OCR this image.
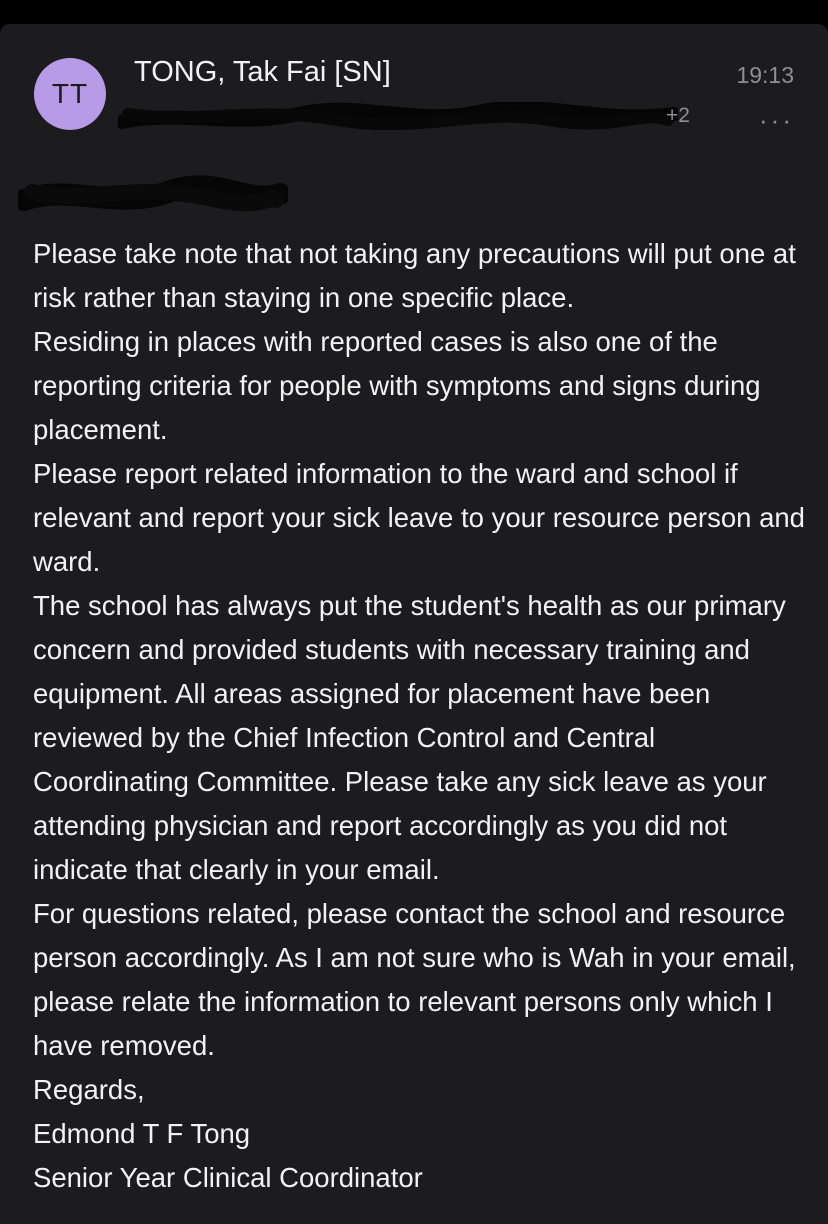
TT
TONG, Tak Fai [SN]	19:13
+2	···

Please take note that not taking any precautions will put one at risk rather than staying in one specific place.

Residing in places with reported cases is also one of the reporting criteria for people with symptoms and signs during placement.

Please report related information to the ward and school if relevant and report your sick leave to your resource person and ward.

The school has always put the student's health as our primary concern and provided students with necessary training and equipment. All areas assigned for placement have been reviewed by the Chief Infection Control and Central Coordinating Committee. Please take any sick leave as your attending physician and report accordingly as you did not indicate that clearly in your email.

For questions related, please contact the school and resource person accordingly. As I am not sure who is Wah in your email, please relate the information to relevant persons only which I have removed.

Regards,

Edmond T F Tong

Senior Year Clinical Coordinator
